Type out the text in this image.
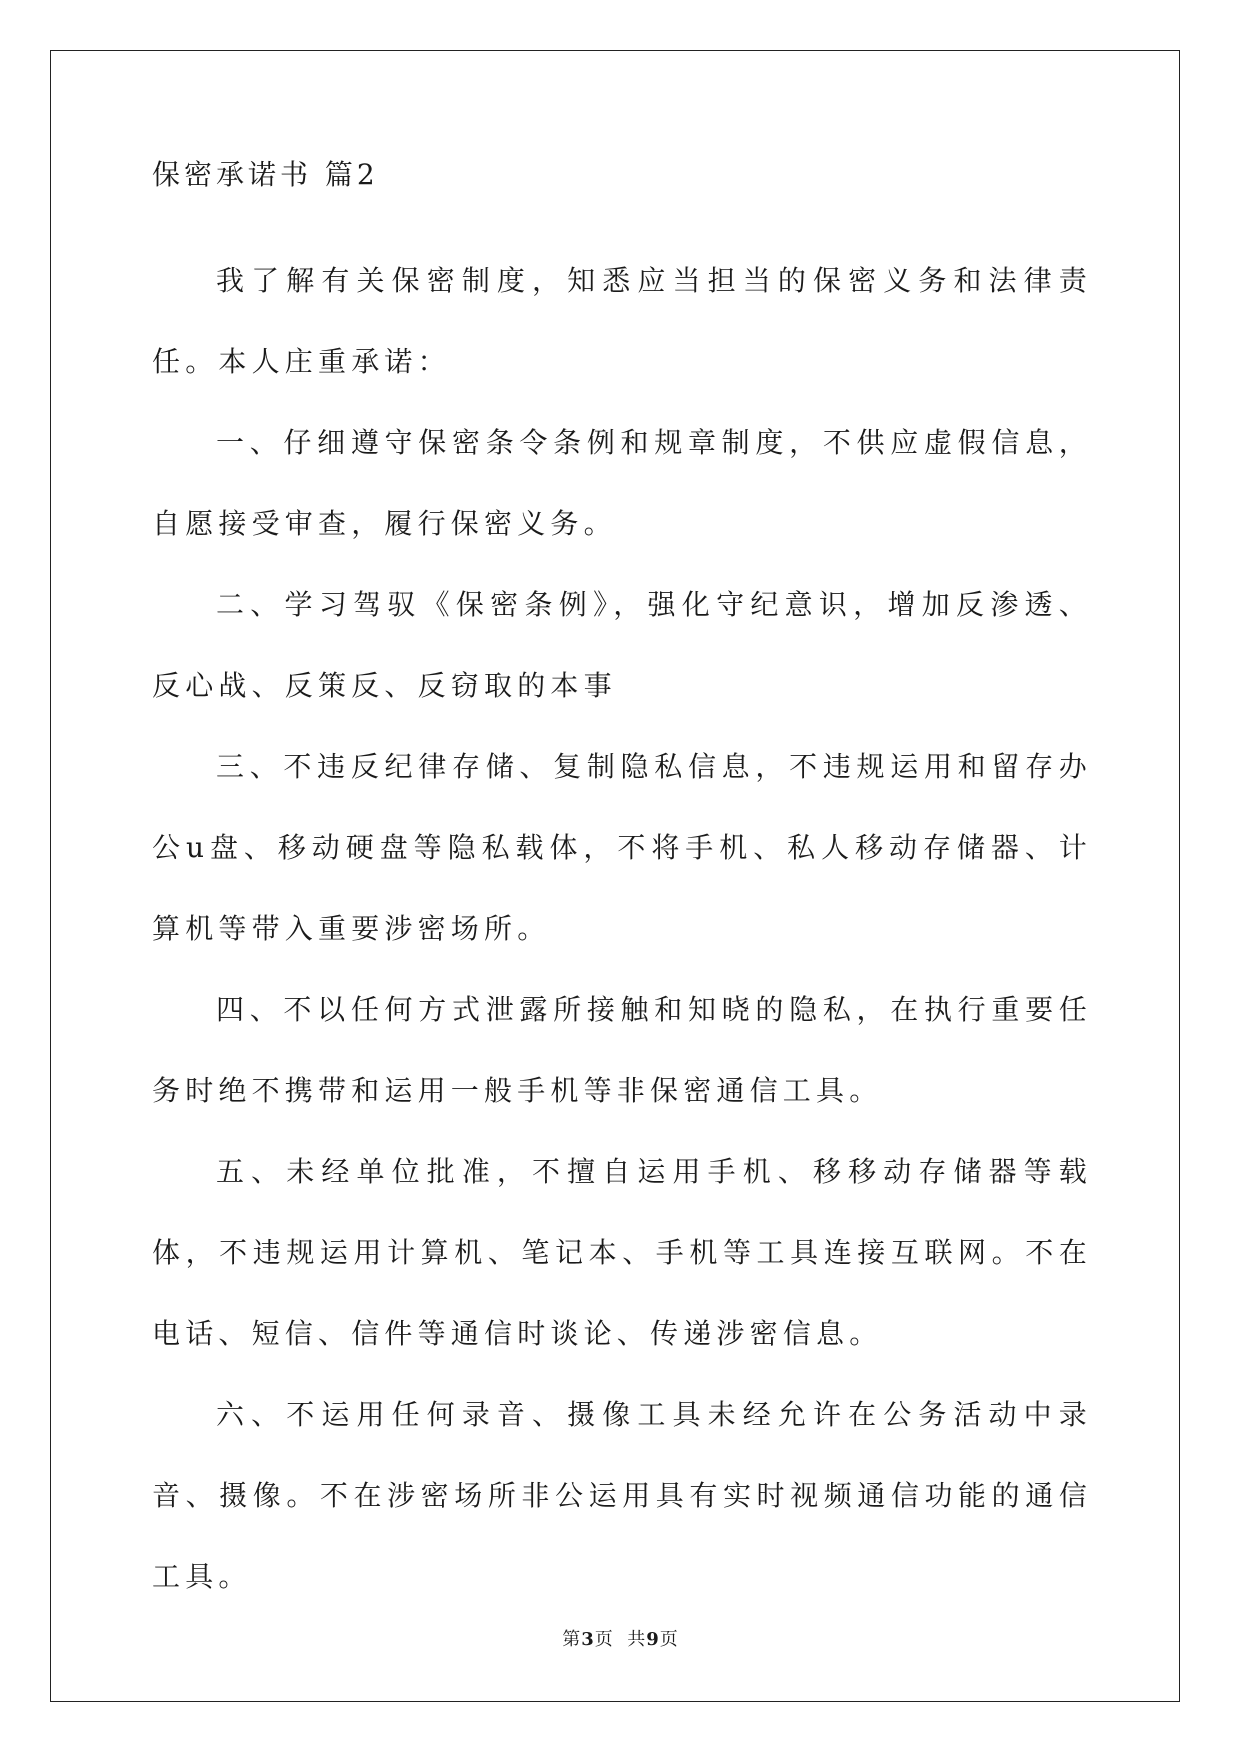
保密承诺书 篇2

我了解有关保密制度，知悉应当担当的保密义务和法律责任。本人庄重承诺：

一、仔细遵守保密条令条例和规章制度，不供应虚假信息，自愿接受审查，履行保密义务。

二、学习驾驭《保密条例》，强化守纪意识，增加反渗透、反心战、反策反、反窃取的本事

三、不违反纪律存储、复制隐私信息，不违规运用和留存办公u盘、移动硬盘等隐私载体，不将手机、私人移动存储器、计算机等带入重要涉密场所。

四、不以任何方式泄露所接触和知晓的隐私，在执行重要任务时绝不携带和运用一般手机等非保密通信工具。

五、未经单位批准，不擅自运用手机、移移动存储器等载体，不违规运用计算机、笔记本、手机等工具连接互联网。不在电话、短信、信件等通信时谈论、传递涉密信息。

六、不运用任何录音、摄像工具未经允许在公务活动中录音、摄像。不在涉密场所非公运用具有实时视频通信功能的通信工具。

第3页  共9页
